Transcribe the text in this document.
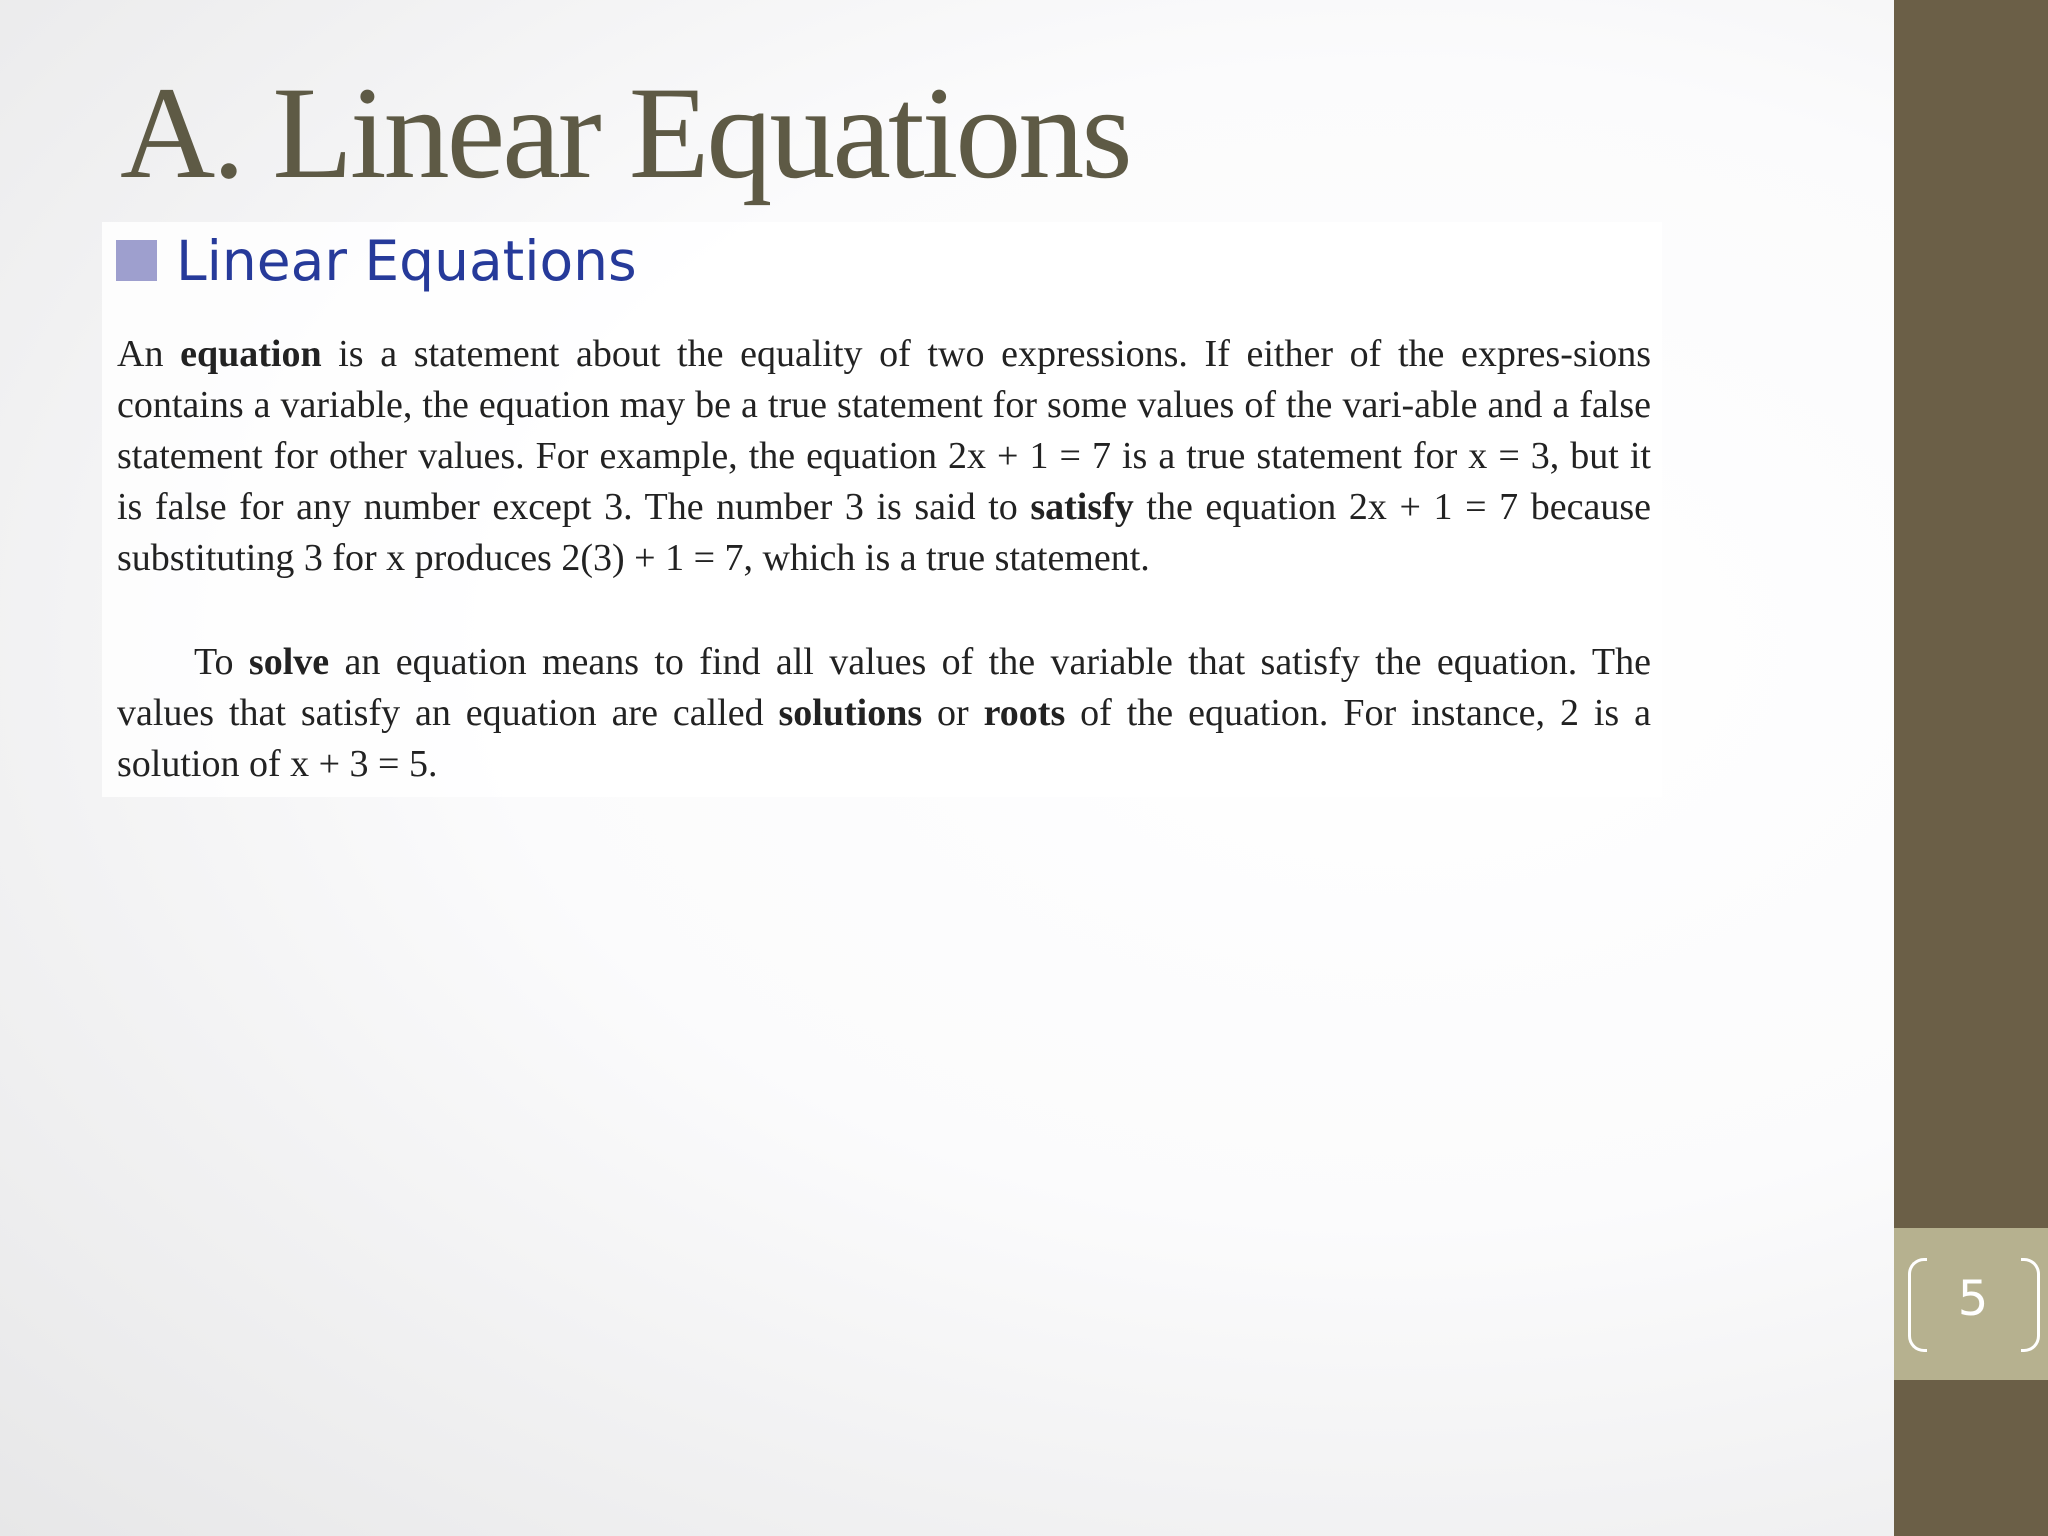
A. Linear Equations
Linear Equations
An equation is a statement about the equality of two expressions. If either of the expres-sions contains a variable, the equation may be a true statement for some values of the vari-able and a false statement for other values. For example, the equation 2x + 1 = 7 is a true statement for x = 3, but it is false for any number except 3. The number 3 is said to satisfy the equation 2x + 1 = 7 because substituting 3 for x produces 2(3) + 1 = 7, which is a true statement.
To solve an equation means to find all values of the variable that satisfy the equation. The values that satisfy an equation are called solutions or roots of the equation. For instance, 2 is a solution of x + 3 = 5.
5
